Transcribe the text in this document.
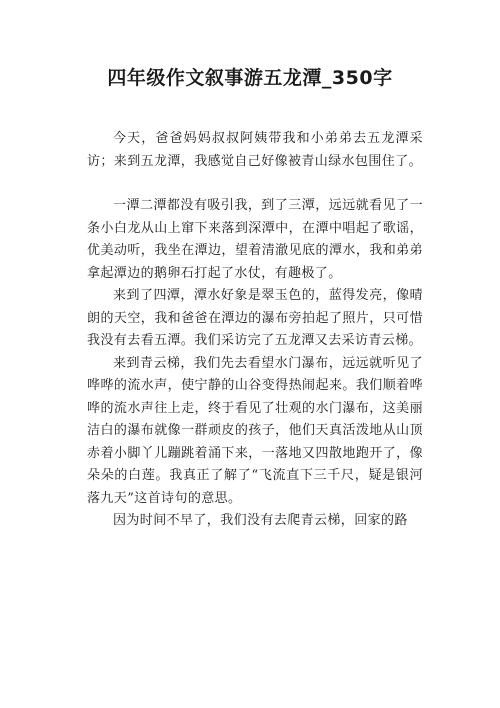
四年级作文叙事游五龙潭_350字

今天，爸爸妈妈叔叔阿姨带我和小弟弟去五龙潭采访；来到五龙潭，我感觉自己好像被青山绿水包围住了。

一潭二潭都没有吸引我，到了三潭，远远就看见了一条小白龙从山上窜下来落到深潭中，在潭中唱起了歌谣，优美动听，我坐在潭边，望着清澈见底的潭水，我和弟弟拿起潭边的鹅卵石打起了水仗，有趣极了。

来到了四潭，潭水好象是翠玉色的，蓝得发亮，像晴朗的天空，我和爸爸在潭边的瀑布旁拍起了照片，只可惜我没有去看五潭。我们采访完了五龙潭又去采访青云梯。

来到青云梯，我们先去看望水门瀑布，远远就听见了哗哗的流水声，使宁静的山谷变得热闹起来。我们顺着哗哗的流水声往上走，终于看见了壮观的水门瀑布，这美丽洁白的瀑布就像一群顽皮的孩子，他们天真活泼地从山顶赤着小脚丫儿蹦跳着涌下来，一落地又四散地跑开了，像朵朵的白莲。我真正了解了“飞流直下三千尺，疑是银河落九天”这首诗句的意思。

因为时间不早了，我们没有去爬青云梯，回家的路
